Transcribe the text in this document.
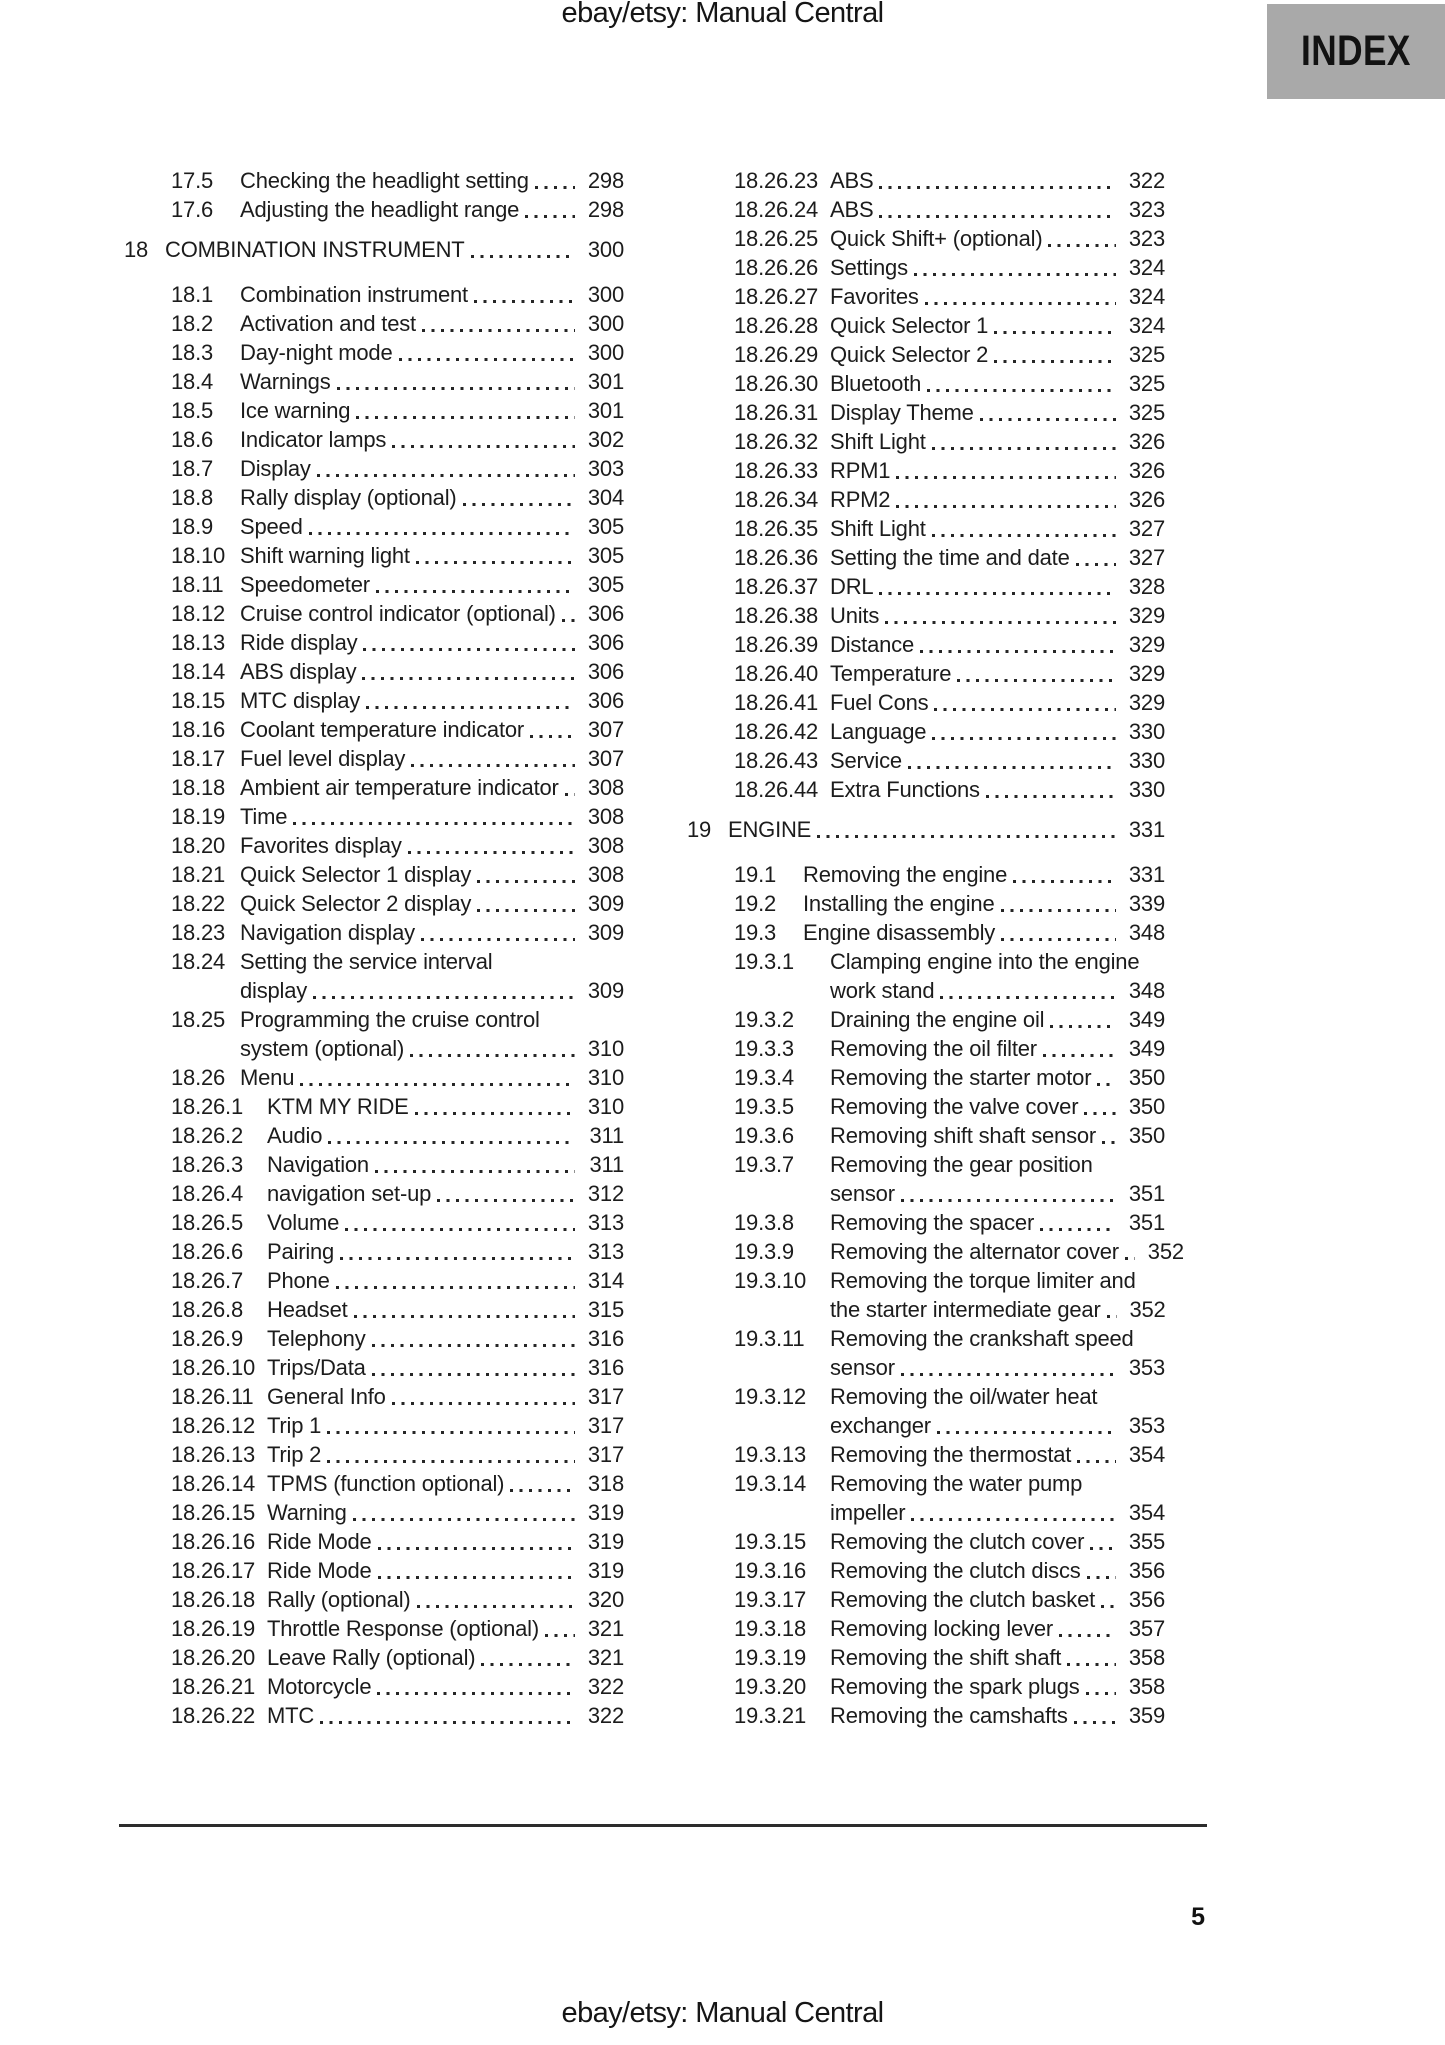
ebay/etsy: Manual Central
INDEX
17.5	Checking the headlight setting	298
17.6	Adjusting the headlight range	298
18 COMBINATION INSTRUMENT	300
18.1	Combination instrument	300
18.2	Activation and test	300
18.3	Day-night mode	300
18.4	Warnings	301
18.5	Ice warning	301
18.6	Indicator lamps	302
18.7	Display	303
18.8	Rally display (optional)	304
18.9	Speed	305
18.10 Shift warning light	305
18.11 Speedometer	305
18.12 Cruise control indicator (optional)	306
18.13 Ride display	306
18.14 ABS display	306
18.15 MTC display	306
18.16 Coolant temperature indicator	307
18.17 Fuel level display	307
18.18 Ambient air temperature indicator	308
18.19 Time	308
18.20 Favorites display	308
18.21 Quick Selector 1 display	308
18.22 Quick Selector 2 display	309
18.23 Navigation display	309
18.24 Setting the service interval
display	309
18.25 Programming the cruise control
system (optional)	310
18.26 Menu	310
18.26.1	KTM MY RIDE	310
18.26.2	Audio	311
18.26.3	Navigation	311
18.26.4	navigation set-up	312
18.26.5	Volume	313
18.26.6	Pairing	313
18.26.7	Phone	314
18.26.8	Headset	315
18.26.9	Telephony	316
18.26.10 Trips/Data	316
18.26.11 General Info	317
18.26.12 Trip 1	317
18.26.13 Trip 2	317
18.26.14 TPMS (function optional)	318
18.26.15 Warning	319
18.26.16 Ride Mode	319
18.26.17 Ride Mode	319
18.26.18 Rally (optional)	320
18.26.19 Throttle Response (optional)	321
18.26.20 Leave Rally (optional)	321
18.26.21 Motorcycle	322
18.26.22 MTC	322
18.26.23 ABS	322
18.26.24 ABS	323
18.26.25 Quick Shift+ (optional)	323
18.26.26 Settings	324
18.26.27 Favorites	324
18.26.28 Quick Selector 1	324
18.26.29 Quick Selector 2	325
18.26.30 Bluetooth	325
18.26.31 Display Theme	325
18.26.32 Shift Light	326
18.26.33 RPM1	326
18.26.34 RPM2	326
18.26.35 Shift Light	327
18.26.36 Setting the time and date	327
18.26.37 DRL	328
18.26.38 Units	329
18.26.39 Distance	329
18.26.40 Temperature	329
18.26.41 Fuel Cons	329
18.26.42 Language	330
18.26.43 Service	330
18.26.44 Extra Functions	330
19 ENGINE	331
19.1	Removing the engine	331
19.2	Installing the engine	339
19.3	Engine disassembly	348
19.3.1	Clamping engine into the engine
work stand	348
19.3.2	Draining the engine oil	349
19.3.3	Removing the oil filter	349
19.3.4	Removing the starter motor	350
19.3.5	Removing the valve cover	350
19.3.6	Removing shift shaft sensor	350
19.3.7	Removing the gear position
sensor	351
19.3.8	Removing the spacer	351
19.3.9	Removing the alternator cover	352
19.3.10	Removing the torque limiter and
the starter intermediate gear	352
19.3.11	Removing the crankshaft speed
sensor	353
19.3.12	Removing the oil/water heat
exchanger	353
19.3.13	Removing the thermostat	354
19.3.14	Removing the water pump
impeller	354
19.3.15	Removing the clutch cover	355
19.3.16	Removing the clutch discs	356
19.3.17	Removing the clutch basket	356
19.3.18	Removing locking lever	357
19.3.19	Removing the shift shaft	358
19.3.20	Removing the spark plugs	358
19.3.21	Removing the camshafts	359
5
ebay/etsy: Manual Central
